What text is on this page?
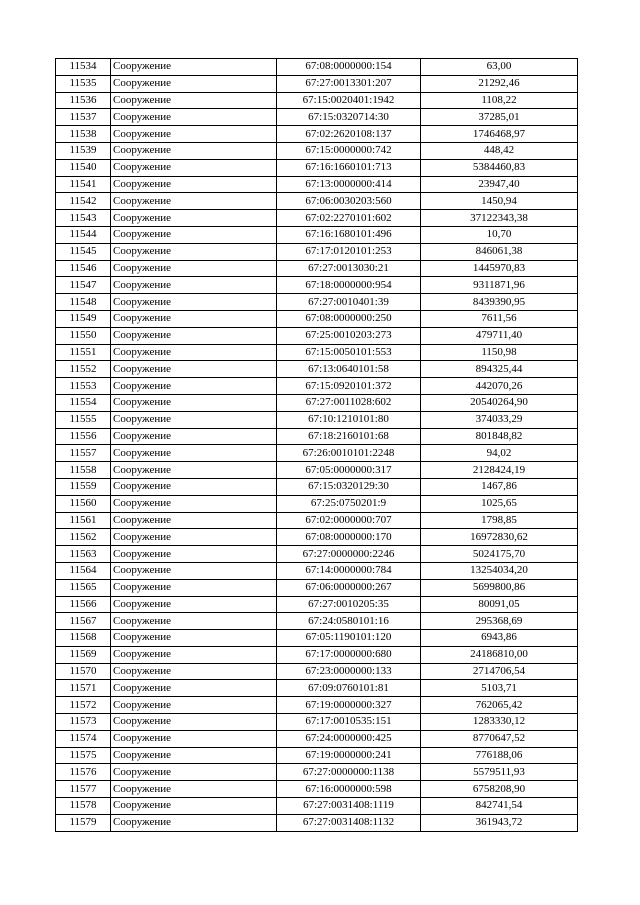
11534	Сооружение	67:08:0000000:154	63,00
11535	Сооружение	67:27:0013301:207	21292,46
11536	Сооружение	67:15:0020401:1942	1108,22
11537	Сооружение	67:15:0320714:30	37285,01
11538	Сооружение	67:02:2620108:137	1746468,97
11539	Сооружение	67:15:0000000:742	448,42
11540	Сооружение	67:16:1660101:713	5384460,83
11541	Сооружение	67:13:0000000:414	23947,40
11542	Сооружение	67:06:0030203:560	1450,94
11543	Сооружение	67:02:2270101:602	37122343,38
11544	Сооружение	67:16:1680101:496	10,70
11545	Сооружение	67:17:0120101:253	846061,38
11546	Сооружение	67:27:0013030:21	1445970,83
11547	Сооружение	67:18:0000000:954	9311871,96
11548	Сооружение	67:27:0010401:39	8439390,95
11549	Сооружение	67:08:0000000:250	7611,56
11550	Сооружение	67:25:0010203:273	479711,40
11551	Сооружение	67:15:0050101:553	1150,98
11552	Сооружение	67:13:0640101:58	894325,44
11553	Сооружение	67:15:0920101:372	442070,26
11554	Сооружение	67:27:0011028:602	20540264,90
11555	Сооружение	67:10:1210101:80	374033,29
11556	Сооружение	67:18:2160101:68	801848,82
11557	Сооружение	67:26:0010101:2248	94,02
11558	Сооружение	67:05:0000000:317	2128424,19
11559	Сооружение	67:15:0320129:30	1467,86
11560	Сооружение	67:25:0750201:9	1025,65
11561	Сооружение	67:02:0000000:707	1798,85
11562	Сооружение	67:08:0000000:170	16972830,62
11563	Сооружение	67:27:0000000:2246	5024175,70
11564	Сооружение	67:14:0000000:784	13254034,20
11565	Сооружение	67:06:0000000:267	5699800,86
11566	Сооружение	67:27:0010205:35	80091,05
11567	Сооружение	67:24:0580101:16	295368,69
11568	Сооружение	67:05:1190101:120	6943,86
11569	Сооружение	67:17:0000000:680	24186810,00
11570	Сооружение	67:23:0000000:133	2714706,54
11571	Сооружение	67:09:0760101:81	5103,71
11572	Сооружение	67:19:0000000:327	762065,42
11573	Сооружение	67:17:0010535:151	1283330,12
11574	Сооружение	67:24:0000000:425	8770647,52
11575	Сооружение	67:19:0000000:241	776188,06
11576	Сооружение	67:27:0000000:1138	5579511,93
11577	Сооружение	67:16:0000000:598	6758208,90
11578	Сооружение	67:27:0031408:1119	842741,54
11579	Сооружение	67:27:0031408:1132	361943,72
